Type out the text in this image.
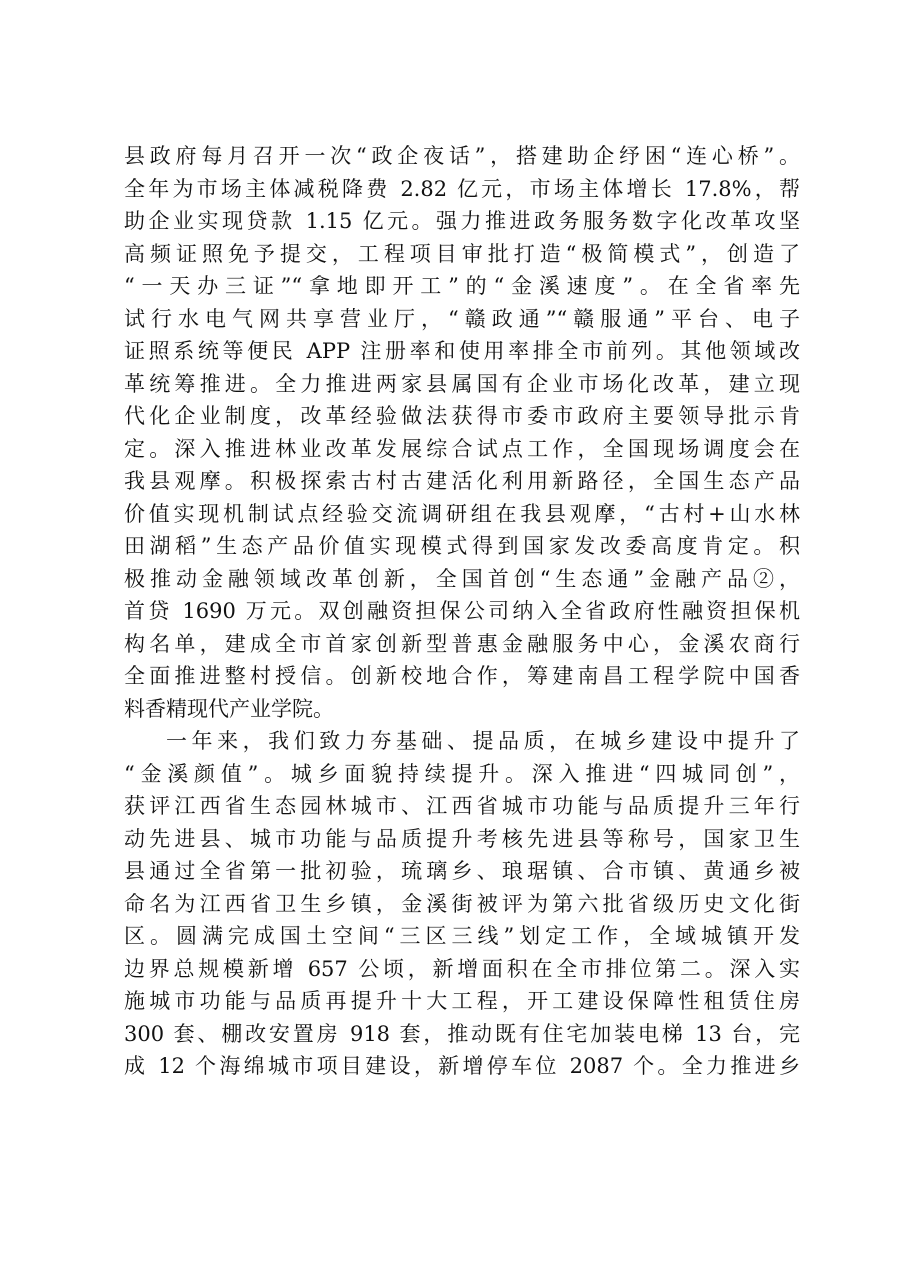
县政府每月召开一次“政企夜话”，搭建助企纾困“连心桥”。
全年为市场主体减税降费 2.82 亿元，市场主体增长 17.8%，帮
助企业实现贷款 1.15 亿元。强力推进政务服务数字化改革攻坚
高频证照免予提交，工程项目审批打造“极简模式”，创造了
“一天办三证”“拿地即开工”的“金溪速度”。在全省率先
试行水电气网共享营业厅，“赣政通”“赣服通”平台、电子
证照系统等便民 APP 注册率和使用率排全市前列。其他领域改
革统筹推进。全力推进两家县属国有企业市场化改革，建立现
代化企业制度，改革经验做法获得市委市政府主要领导批示肯
定。深入推进林业改革发展综合试点工作，全国现场调度会在
我县观摩。积极探索古村古建活化利用新路径，全国生态产品
价值实现机制试点经验交流调研组在我县观摩，“古村+山水林
田湖稻”生态产品价值实现模式得到国家发改委高度肯定。积
极推动金融领域改革创新，全国首创“生态通”金融产品②，
首贷 1690 万元。双创融资担保公司纳入全省政府性融资担保机
构名单，建成全市首家创新型普惠金融服务中心，金溪农商行
全面推进整村授信。创新校地合作，筹建南昌工程学院中国香
料香精现代产业学院。
一年来，我们致力夯基础、提品质，在城乡建设中提升了
“金溪颜值”。城乡面貌持续提升。深入推进“四城同创”，
获评江西省生态园林城市、江西省城市功能与品质提升三年行
动先进县、城市功能与品质提升考核先进县等称号，国家卫生
县通过全省第一批初验，琉璃乡、琅琚镇、合市镇、黄通乡被
命名为江西省卫生乡镇，金溪街被评为第六批省级历史文化街
区。圆满完成国土空间“三区三线”划定工作，全域城镇开发
边界总规模新增 657 公顷，新增面积在全市排位第二。深入实
施城市功能与品质再提升十大工程，开工建设保障性租赁住房
300 套、棚改安置房 918 套，推动既有住宅加装电梯 13 台，完
成 12 个海绵城市项目建设，新增停车位 2087 个。全力推进乡
